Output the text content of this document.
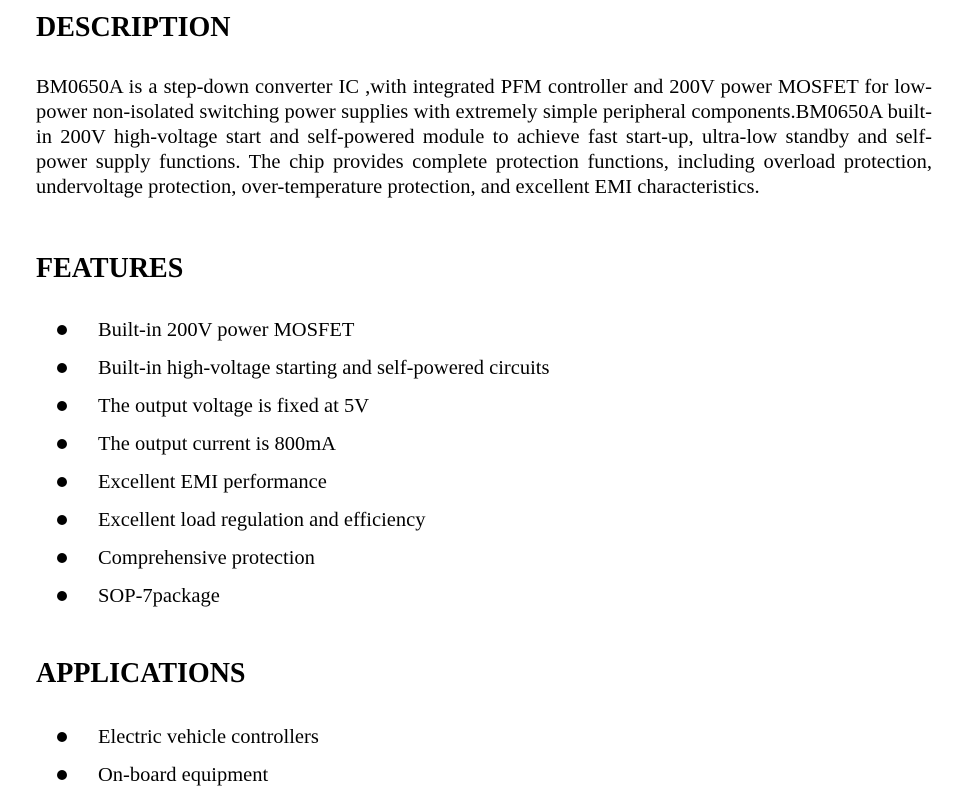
DESCRIPTION

BM0650A is a step-down converter IC ,with integrated PFM controller and 200V power MOSFET for low-power non-isolated switching power supplies with extremely simple peripheral components.BM0650A built-in 200V high-voltage start and self-powered module to achieve fast start-up, ultra-low standby and self-power supply functions. The chip provides complete protection functions, including overload protection, undervoltage protection, over-temperature protection, and excellent EMI characteristics.

FEATURES
Built-in 200V power MOSFET
Built-in high-voltage starting and self-powered circuits
The output voltage is fixed at 5V
The output current is 800mA
Excellent EMI performance
Excellent load regulation and efficiency
Comprehensive protection
SOP-7package
APPLICATIONS
Electric vehicle controllers
On-board equipment
